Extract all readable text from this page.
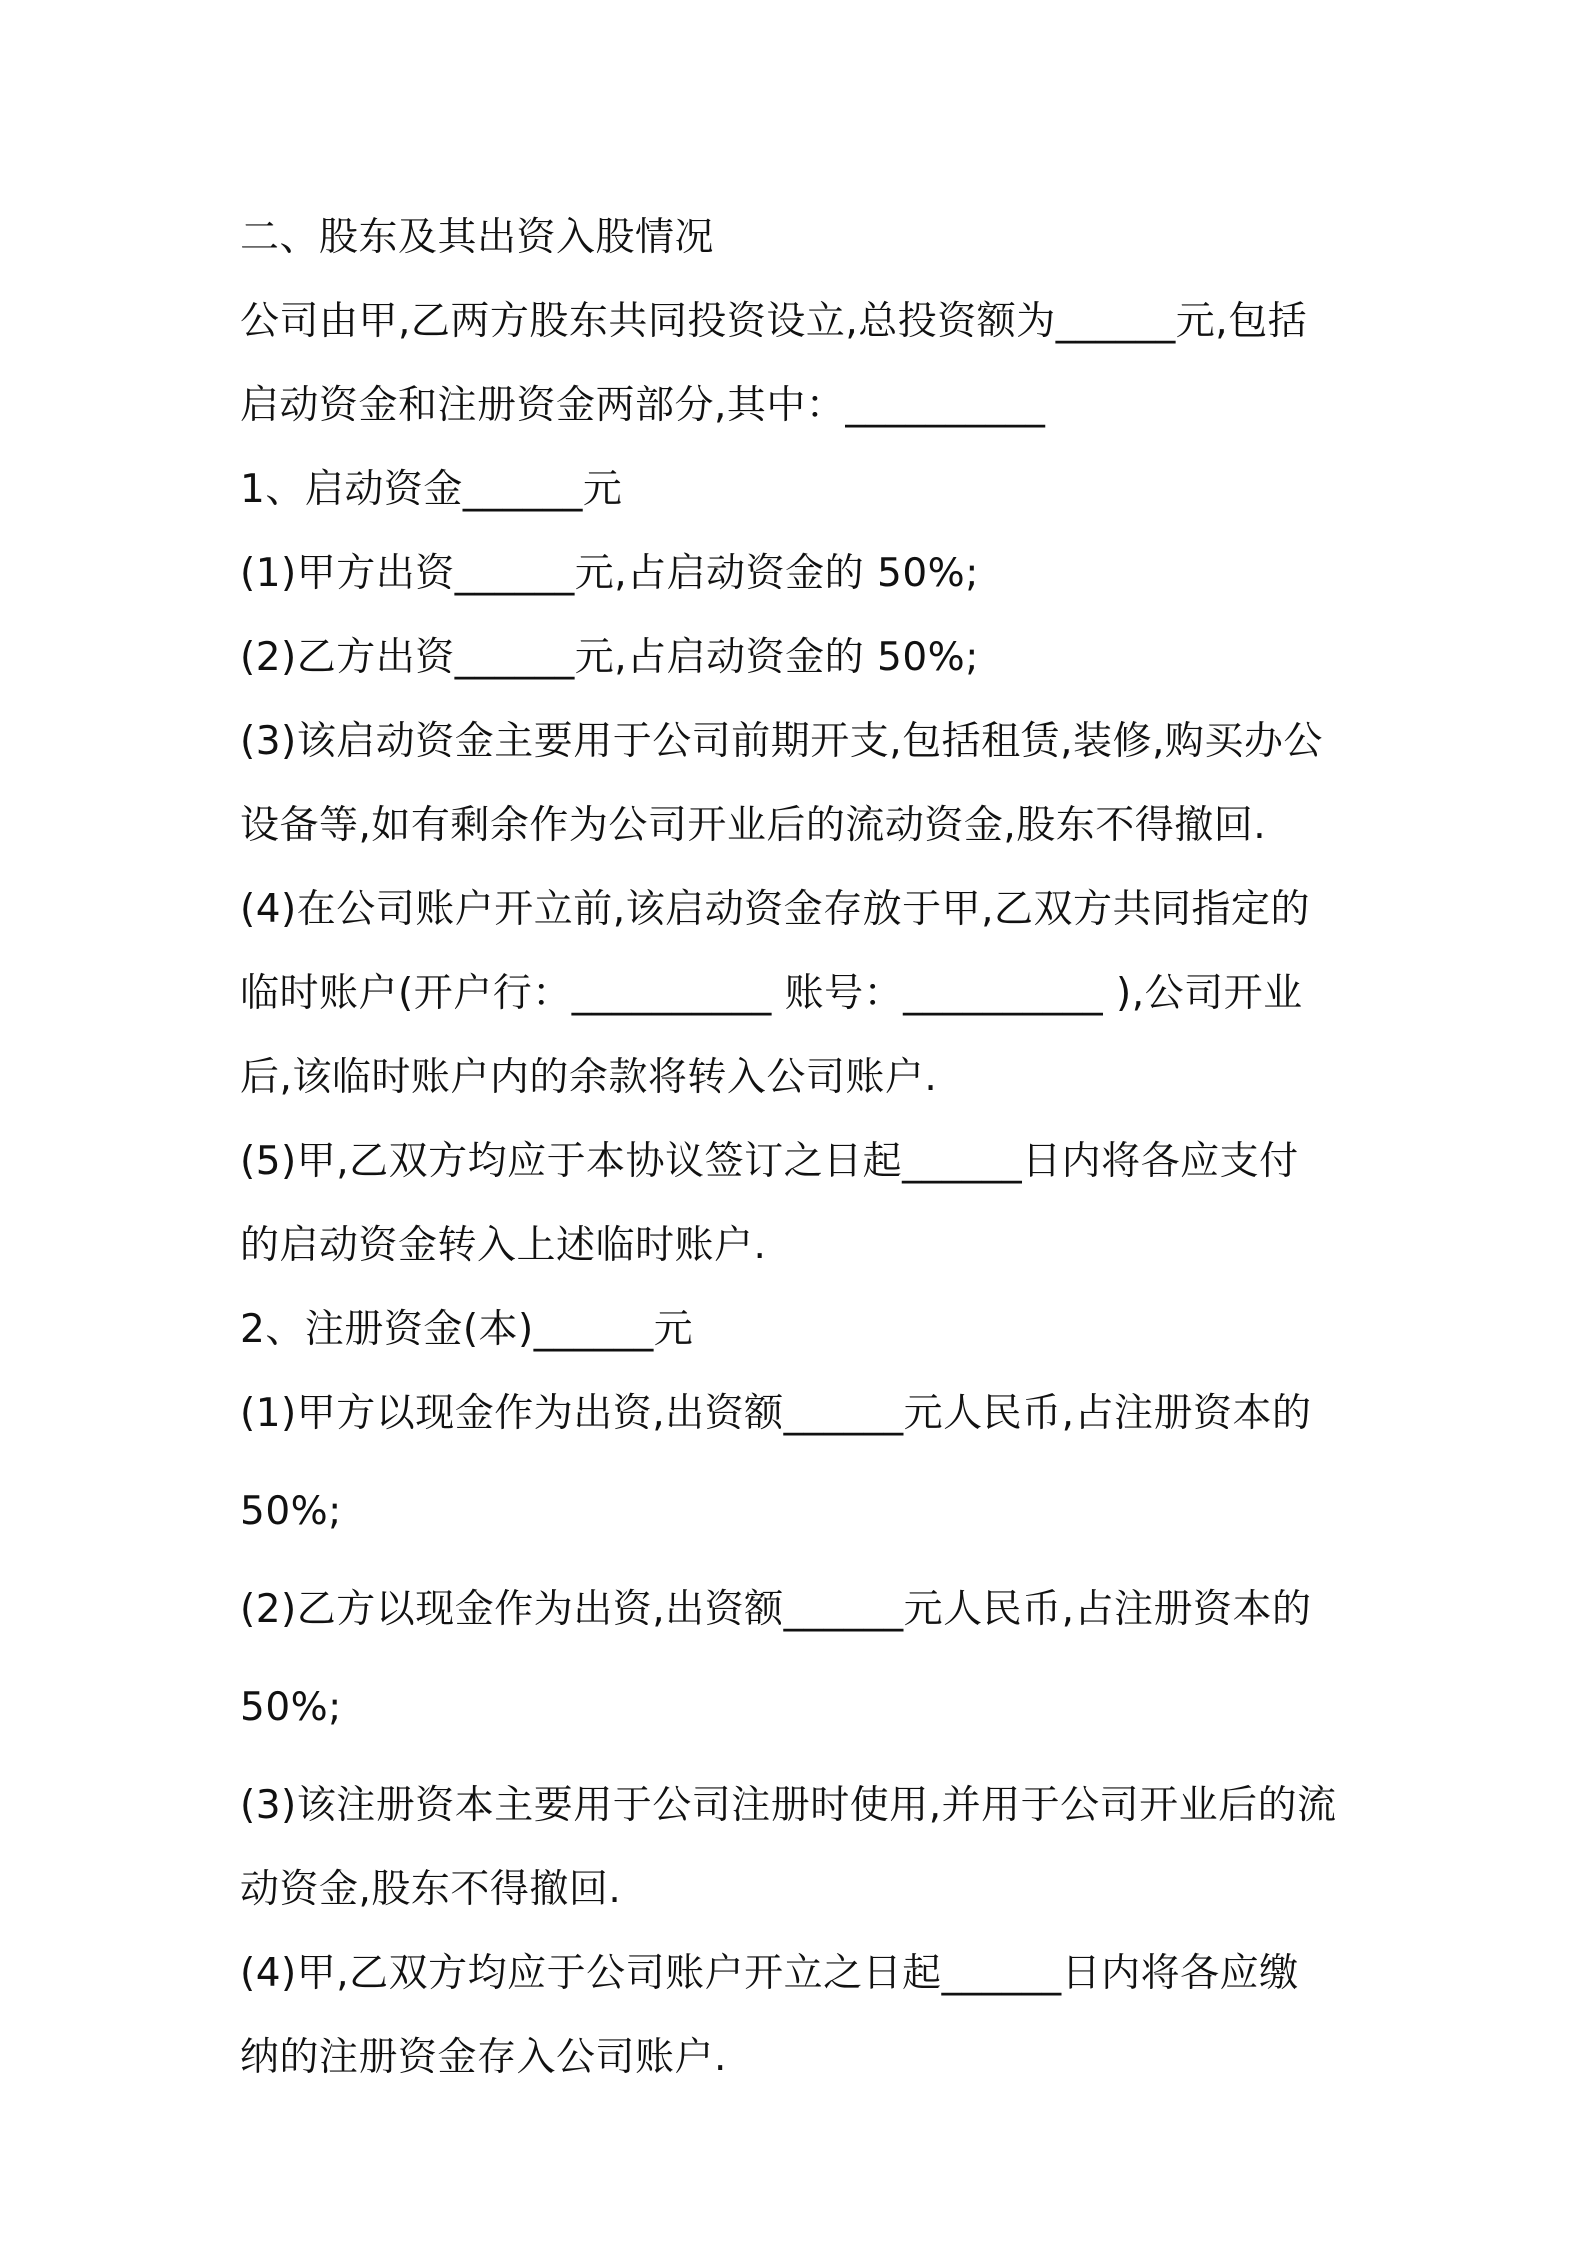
二、股东及其出资入股情况
公司由甲,乙两方股东共同投资设立,总投资额为______元,包括
启动资金和注册资金两部分,其中：__________
1、启动资金______元
(1)甲方出资______元,占启动资金的 50%;
(2)乙方出资______元,占启动资金的 50%;
(3)该启动资金主要用于公司前期开支,包括租赁,装修,购买办公
设备等,如有剩余作为公司开业后的流动资金,股东不得撤回.
(4)在公司账户开立前,该启动资金存放于甲,乙双方共同指定的
临时账户(开户行：__________ 账号：__________ ),公司开业
后,该临时账户内的余款将转入公司账户.
(5)甲,乙双方均应于本协议签订之日起______日内将各应支付
的启动资金转入上述临时账户.
2、注册资金(本)______元
(1)甲方以现金作为出资,出资额______元人民币,占注册资本的
50%;
(2)乙方以现金作为出资,出资额______元人民币,占注册资本的
50%;
(3)该注册资本主要用于公司注册时使用,并用于公司开业后的流
动资金,股东不得撤回.
(4)甲,乙双方均应于公司账户开立之日起______日内将各应缴
纳的注册资金存入公司账户.
